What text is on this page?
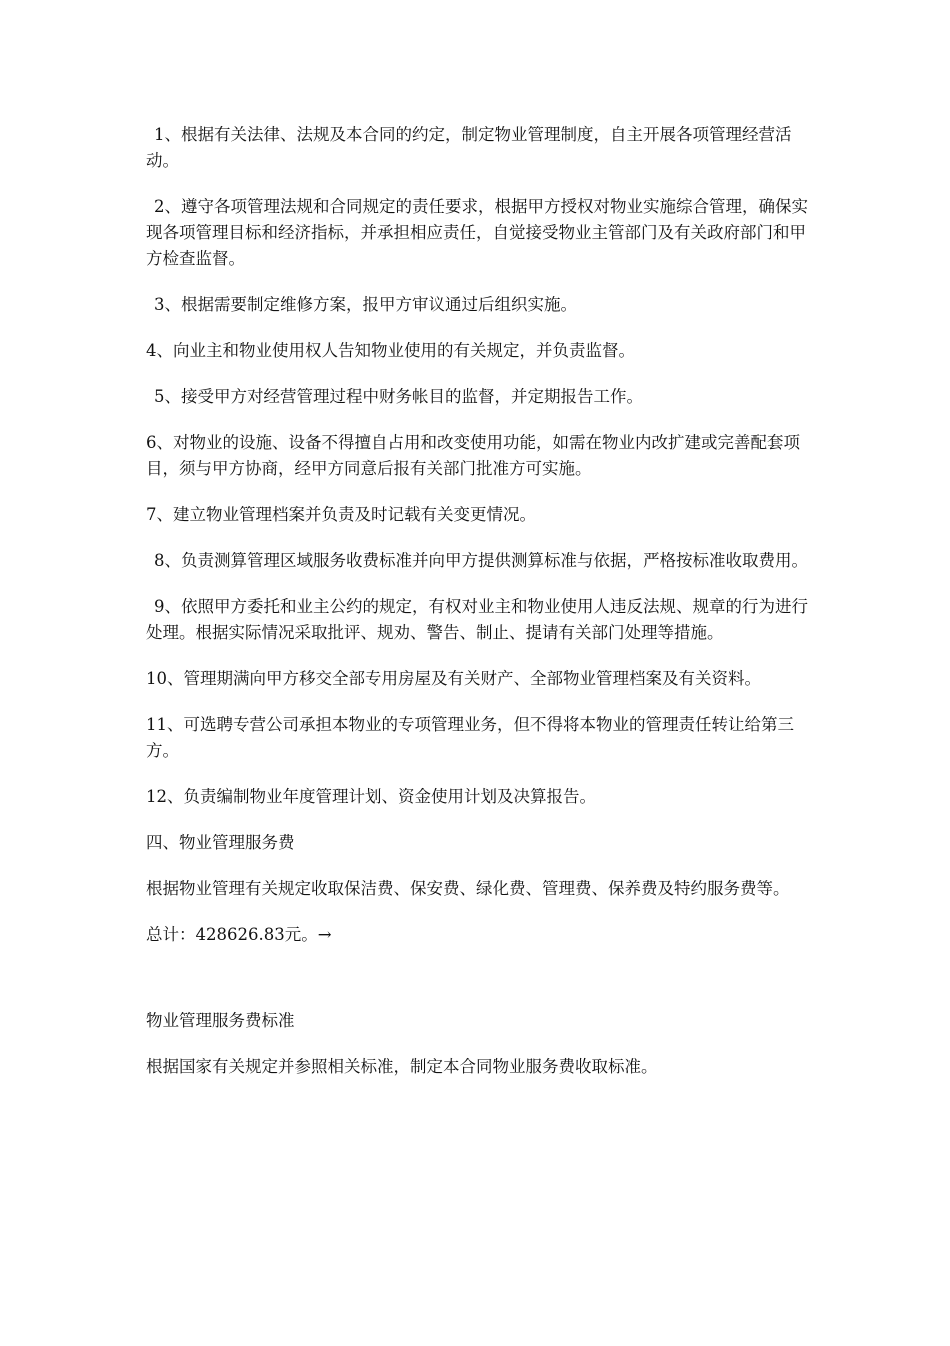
1、根据有关法律、法规及本合同的约定，制定物业管理制度，自主开展各项管理经营活动。

2、遵守各项管理法规和合同规定的责任要求，根据甲方授权对物业实施综合管理，确保实现各项管理目标和经济指标，并承担相应责任，自觉接受物业主管部门及有关政府部门和甲方检查监督。

3、根据需要制定维修方案，报甲方审议通过后组织实施。

4、向业主和物业使用权人告知物业使用的有关规定，并负责监督。

5、接受甲方对经营管理过程中财务帐目的监督，并定期报告工作。

6、对物业的设施、设备不得擅自占用和改变使用功能，如需在物业内改扩建或完善配套项目，须与甲方协商，经甲方同意后报有关部门批准方可实施。

7、建立物业管理档案并负责及时记载有关变更情况。

8、负责测算管理区域服务收费标准并向甲方提供测算标准与依据，严格按标准收取费用。

9、依照甲方委托和业主公约的规定，有权对业主和物业使用人违反法规、规章的行为进行处理。根据实际情况采取批评、规劝、警告、制止、提请有关部门处理等措施。

10、管理期满向甲方移交全部专用房屋及有关财产、全部物业管理档案及有关资料。

11、可选聘专营公司承担本物业的专项管理业务，但不得将本物业的管理责任转让给第三方。

12、负责编制物业年度管理计划、资金使用计划及决算报告。

四、物业管理服务费

根据物业管理有关规定收取保洁费、保安费、绿化费、管理费、保养费及特约服务费等。

总计：428626.83元。→

物业管理服务费标准

根据国家有关规定并参照相关标准，制定本合同物业服务费收取标准。
